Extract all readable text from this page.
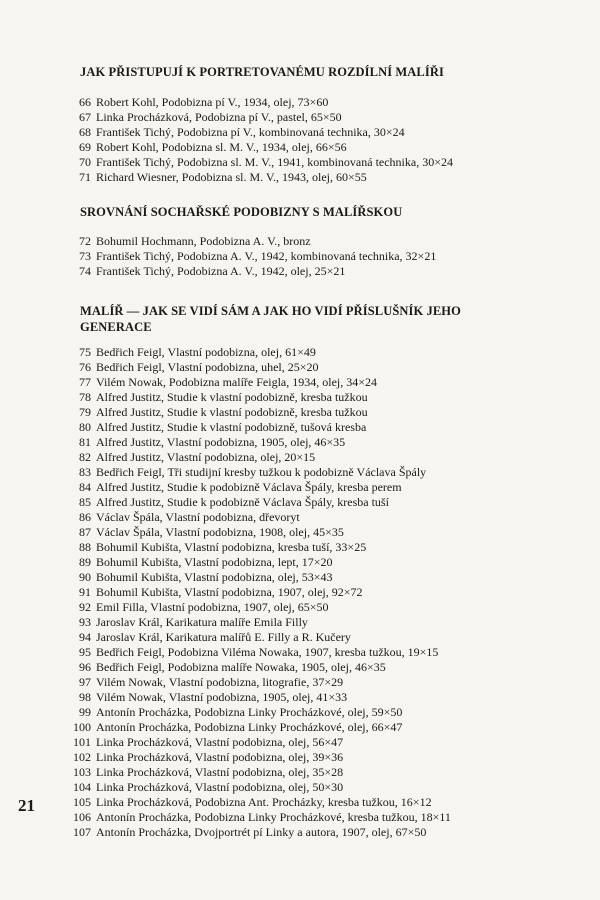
JAK PŘISTUPUJÍ K PORTRETOVANÉMU ROZDÍLNÍ MALÍŘI
66 Robert Kohl, Podobizna pí V., 1934, olej, 73×60
67 Linka Procházková, Podobizna pí V., pastel, 65×50
68 František Tichý, Podobizna pí V., kombinovaná technika, 30×24
69 Robert Kohl, Podobizna sl. M. V., 1934, olej, 66×56
70 František Tichý, Podobizna sl. M. V., 1941, kombinovaná technika, 30×24
71 Richard Wiesner, Podobizna sl. M. V., 1943, olej, 60×55
SROVNÁNÍ SOCHAŘSKÉ PODOBIZNY S MALÍŘSKOU
72 Bohumil Hochmann, Podobizna A. V., bronz
73 František Tichý, Podobizna A. V., 1942, kombinovaná technika, 32×21
74 František Tichý, Podobizna A. V., 1942, olej, 25×21
MALÍŘ — JAK SE VIDÍ SÁM A JAK HO VIDÍ PŘÍSLUŠNÍK JEHO GENERACE
75 Bedřich Feigl, Vlastní podobizna, olej, 61×49
76 Bedřich Feigl, Vlastní podobizna, uhel, 25×20
77 Vilém Nowak, Podobizna malíře Feigla, 1934, olej, 34×24
78 Alfred Justitz, Studie k vlastní podobizně, kresba tužkou
79 Alfred Justitz, Studie k vlastní podobizně, kresba tužkou
80 Alfred Justitz, Studie k vlastní podobizně, tušová kresba
81 Alfred Justitz, Vlastní podobizna, 1905, olej, 46×35
82 Alfred Justitz, Vlastní podobizna, olej, 20×15
83 Bedřich Feigl, Tři studijní kresby tužkou k podobizně Václava Špály
84 Alfred Justitz, Studie k podobizně Václava Špály, kresba perem
85 Alfred Justitz, Studie k podobizně Václava Špály, kresba tuší
86 Václav Špála, Vlastní podobizna, dřevoryt
87 Václav Špála, Vlastní podobizna, 1908, olej, 45×35
88 Bohumil Kubišta, Vlastní podobizna, kresba tuší, 33×25
89 Bohumil Kubišta, Vlastní podobizna, lept, 17×20
90 Bohumil Kubišta, Vlastní podobizna, olej, 53×43
91 Bohumil Kubišta, Vlastní podobizna, 1907, olej, 92×72
92 Emil Filla, Vlastní podobizna, 1907, olej, 65×50
93 Jaroslav Král, Karikatura malíře Emila Filly
94 Jaroslav Král, Karikatura malířů E. Filly a R. Kučery
95 Bedřich Feigl, Podobizna Viléma Nowaka, 1907, kresba tužkou, 19×15
96 Bedřich Feigl, Podobizna malíře Nowaka, 1905, olej, 46×35
97 Vilém Nowak, Vlastní podobizna, litografie, 37×29
98 Vilém Nowak, Vlastní podobizna, 1905, olej, 41×33
99 Antonín Procházka, Podobizna Linky Procházkové, olej, 59×50
100 Antonín Procházka, Podobizna Linky Procházkové, olej, 66×47
101 Linka Procházková, Vlastní podobizna, olej, 56×47
102 Linka Procházková, Vlastní podobizna, olej, 39×36
103 Linka Procházková, Vlastní podobizna, olej, 35×28
104 Linka Procházková, Vlastní podobizna, olej, 50×30
105 Linka Procházková, Podobizna Ant. Procházky, kresba tužkou, 16×12
106 Antonín Procházka, Podobizna Linky Procházkové, kresba tužkou, 18×11
107 Antonín Procházka, Dvojportrét pí Linky a autora, 1907, olej, 67×50
21
